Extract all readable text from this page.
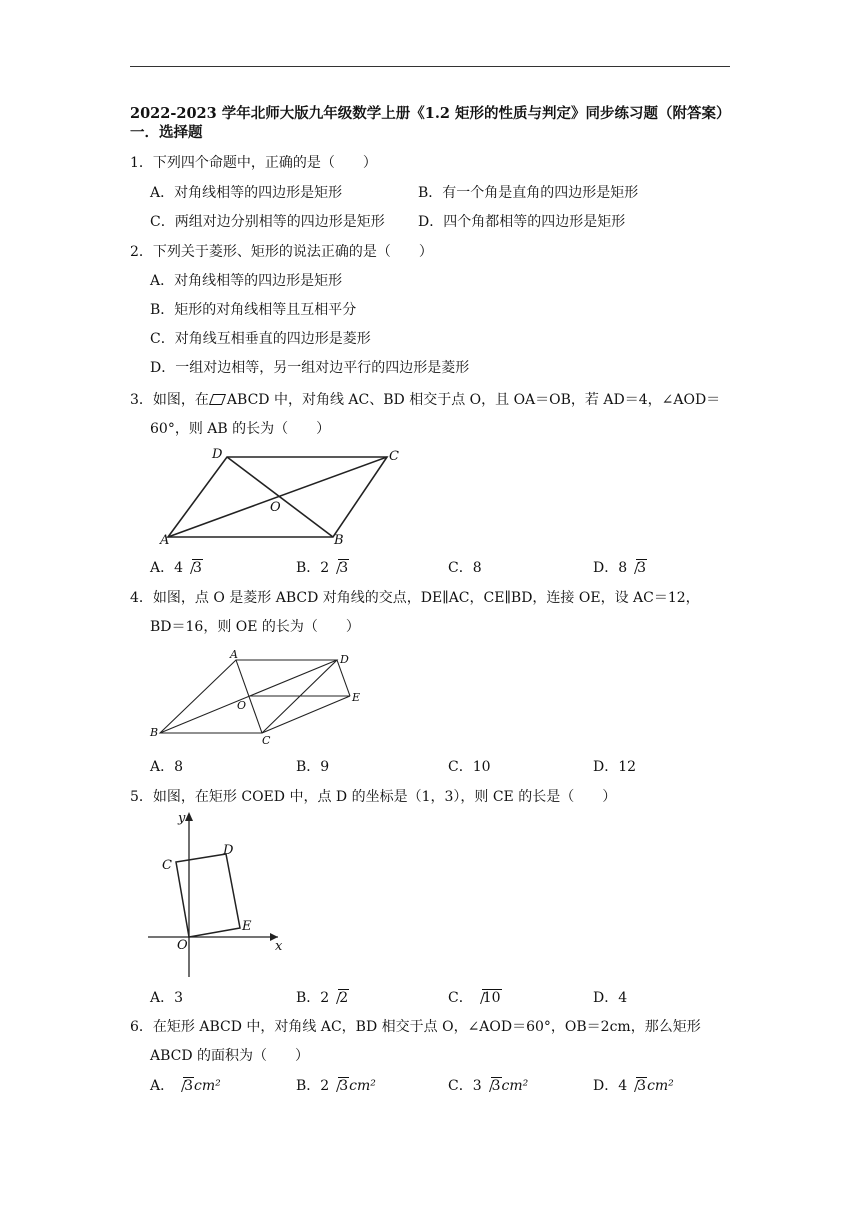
2022-2023 学年北师大版九年级数学上册《1.2 矩形的性质与判定》同步练习题（附答案）
一．选择题
1．下列四个命题中，正确的是（　　）
A．对角线相等的四边形是矩形	B．有一个角是直角的四边形是矩形
C．两组对边分别相等的四边形是矩形 D．四个角都相等的四边形是矩形
2．下列关于菱形、矩形的说法正确的是（　　）
A．对角线相等的四边形是矩形
B．矩形的对角线相等且互相平分
C．对角线互相垂直的四边形是菱形
D．一组对边相等，另一组对边平行的四边形是菱形
3．如图，在 ABCD 中，对角线 AC、BD 相交于点 O，且 OA＝OB，若 AD＝4，∠AOD＝
60°，则 AB 的长为（　　）
A
D	C
B
O
A．4 3	B．2 3	C．8	D．8 3
4．如图，点 O 是菱形 ABCD 对角线的交点，DE∥AC，CE∥BD，连接 OE，设 AC＝12，
BD＝16，则 OE 的长为（　　）
A
B
C
D
E
O
A．8	B．9	C．10	D．12
5．如图，在矩形 COED 中，点 D 的坐标是（1，3），则 CE 的长是（　　）
y
x
C
D
E
O
A．3	B．2 2	C． 10	D．4
6．在矩形 ABCD 中，对角线 AC，BD 相交于点 O，∠AOD＝60°，OB＝2cm，那么矩形
ABCD 的面积为（　　）
A． 3cm²	B．2 3cm²	C．3 3cm²	D．4 3cm²
